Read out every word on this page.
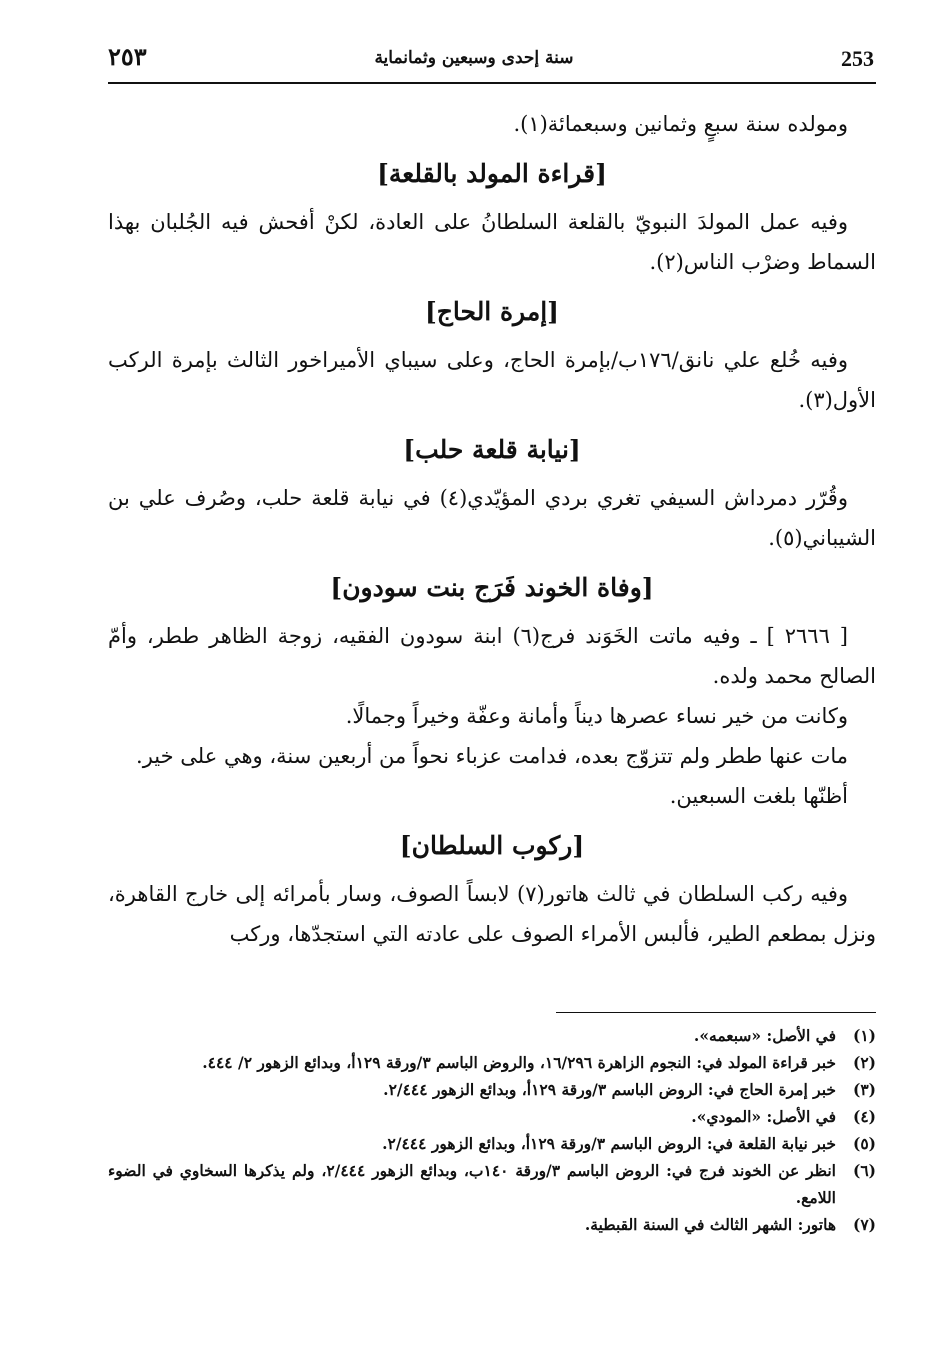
٢٥٣	سنة إحدى وسبعين وثمانماية	253

ومولده سنة سبعٍ وثمانين وسبعمائة(١).

[قراءة المولد بالقلعة]

وفيه عمل المولدَ النبويّ بالقلعة السلطانُ على العادة، لكنْ أفحش فيه الجُلبان بهذا السماط وضرْب الناس(٢).

[إمرة الحاج]

وفيه خُلع علي نانق/١٧٦ب/بإمرة الحاج، وعلى سيباي الأميراخور الثالث بإمرة الركب الأول(٣).

[نيابة قلعة حلب]

وقُرّر دمرداش السيفي تغري بردي المؤيّدي(٤) في نيابة قلعة حلب، وصُرف علي بن الشيباني(٥).

[وفاة الخوند فَرَج بنت سودون]

[ ٢٦٦٦ ] ـ وفيه ماتت الخَوَند فرج(٦) ابنة سودون الفقيه، زوجة الظاهر ططر، وأمّ الصالح محمد ولده.

وكانت من خير نساء عصرها ديناً وأمانة وعفّة وخيراً وجمالًا.

مات عنها ططر ولم تتزوّج بعده، فدامت عزباء نحواً من أربعين سنة، وهي على خير.

أظنّها بلغت السبعين.

[ركوب السلطان]

وفيه ركب السلطان في ثالث هاتور(٧) لابساً الصوف، وسار بأمرائه إلى خارج القاهرة، ونزل بمطعم الطير، فألبس الأمراء الصوف على عادته التي استجدّها، وركب

(١)
في الأصل: «سبعمه».
(٢)
خبر قراءة المولد في: النجوم الزاهرة ١٦/٢٩٦، والروض الباسم ٣/ورقة ١٢٩أ، وبدائع الزهور ٢/ ٤٤٤.
(٣)
خبر إمرة الحاج في: الروض الباسم ٣/ورقة ١٢٩أ، وبدائع الزهور ٢/٤٤٤.
(٤)
في الأصل: «المودي».
(٥)
خبر نيابة القلعة في: الروض الباسم ٣/ورقة ١٢٩أ، وبدائع الزهور ٢/٤٤٤.
(٦)
انظر عن الخوند فرج في: الروض الباسم ٣/ورقة ١٤٠ب، وبدائع الزهور ٢/٤٤٤، ولم يذكرها السخاوي في الضوء اللامع.
(٧)
هاتور: الشهر الثالث في السنة القبطية.
